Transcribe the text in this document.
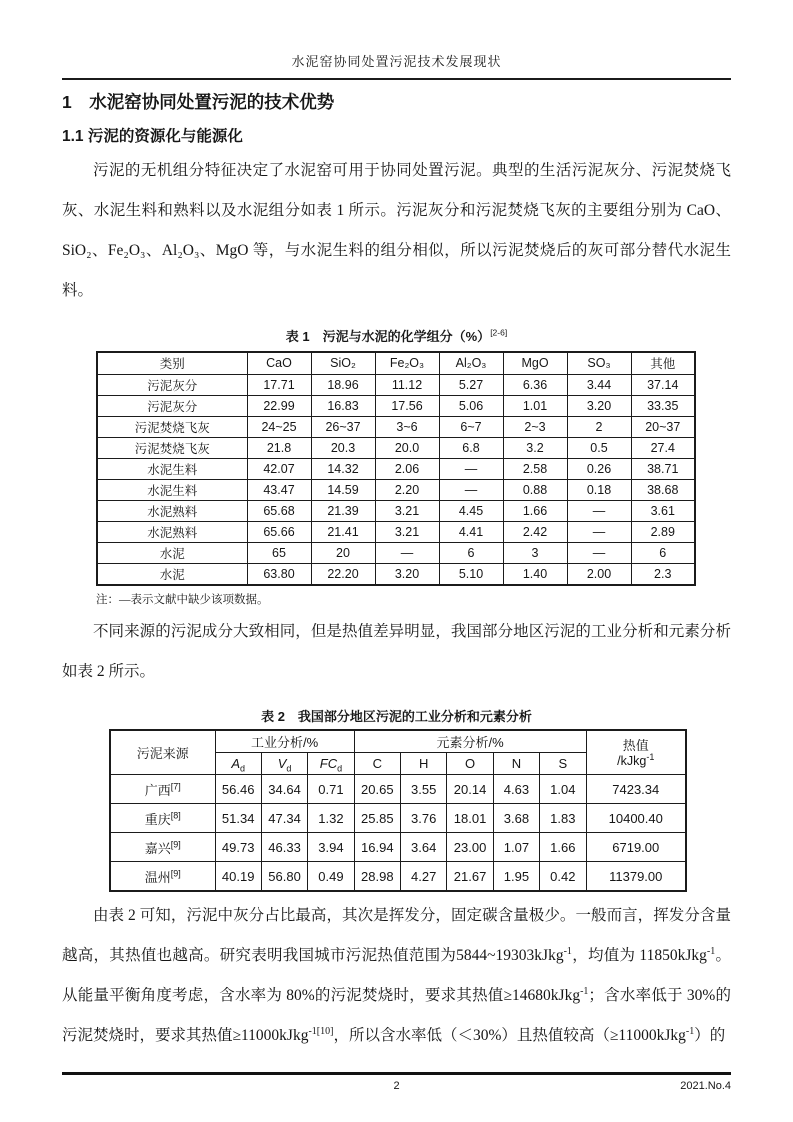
水泥窑协同处置污泥技术发展现状
1　水泥窑协同处置污泥的技术优势
1.1 污泥的资源化与能源化

污泥的无机组分特征决定了水泥窑可用于协同处置污泥。典型的生活污泥灰分、污泥焚烧飞灰、水泥生料和熟料以及水泥组分如表 1 所示。污泥灰分和污泥焚烧飞灰的主要组分别为 CaO、SiO₂、Fe₂O₃、Al₂O₃、MgO 等，与水泥生料的组分相似，所以污泥焚烧后的灰可部分替代水泥生料。

表 1　污泥与水泥的化学组分（%）[2-6]
类别	CaO	SiO₂	Fe₂O₃	Al₂O₃	MgO	SO₃	其他
污泥灰分	17.71	18.96	11.12	5.27	6.36	3.44	37.14
污泥灰分	22.99	16.83	17.56	5.06	1.01	3.20	33.35
污泥焚烧飞灰	24~25	26~37	3~6	6~7	2~3	2	20~37
污泥焚烧飞灰	21.8	20.3	20.0	6.8	3.2	0.5	27.4
水泥生料	42.07	14.32	2.06	—	2.58	0.26	38.71
水泥生料	43.47	14.59	2.20	—	0.88	0.18	38.68
水泥熟料	65.68	21.39	3.21	4.45	1.66	—	3.61
水泥熟料	65.66	21.41	3.21	4.41	2.42	—	2.89
水泥	65	20	—	6	3	—	6
水泥	63.80	22.20	3.20	5.10	1.40	2.00	2.3
注：—表示文献中缺少该项数据。

不同来源的污泥成分大致相同，但是热值差异明显，我国部分地区污泥的工业分析和元素分析如表 2 所示。

表 2　我国部分地区污泥的工业分析和元素分析
污泥来源	工业分析/%			元素分析/%					热值
/kJkg$^{-1}$

	$A_d$	$V_d$	$FC_d$	C	H	O	N	S	
广西[7]	56.46	34.64	0.71	20.65	3.55	20.14	4.63	1.04	7423.34
重庆[8]	51.34	47.34	1.32	25.85	3.76	18.01	3.68	1.83	10400.40
嘉兴[9]	49.73	46.33	3.94	16.94	3.64	23.00	1.07	1.66	6719.00
温州[9]	40.19	56.80	0.49	28.98	4.27	21.67	1.95	0.42	11379.00

由表 2 可知，污泥中灰分占比最高，其次是挥发分，固定碳含量极少。一般而言，挥发分含量越高，其热值也越高。研究表明我国城市污泥热值范围为5844~19303kJkg$^{-1}$，均值为 11850kJkg$^{-1}$。从能量平衡角度考虑，含水率为 80%的污泥焚烧时，要求其热值≥14680kJkg$^{-1}$；含水率低于 30%的污泥焚烧时，要求其热值≥11000kJkg$^{-1[10]}$，所以含水率低（＜30%）且热值较高（≥11000kJkg$^{-1}$）的

2	2021.No.4
